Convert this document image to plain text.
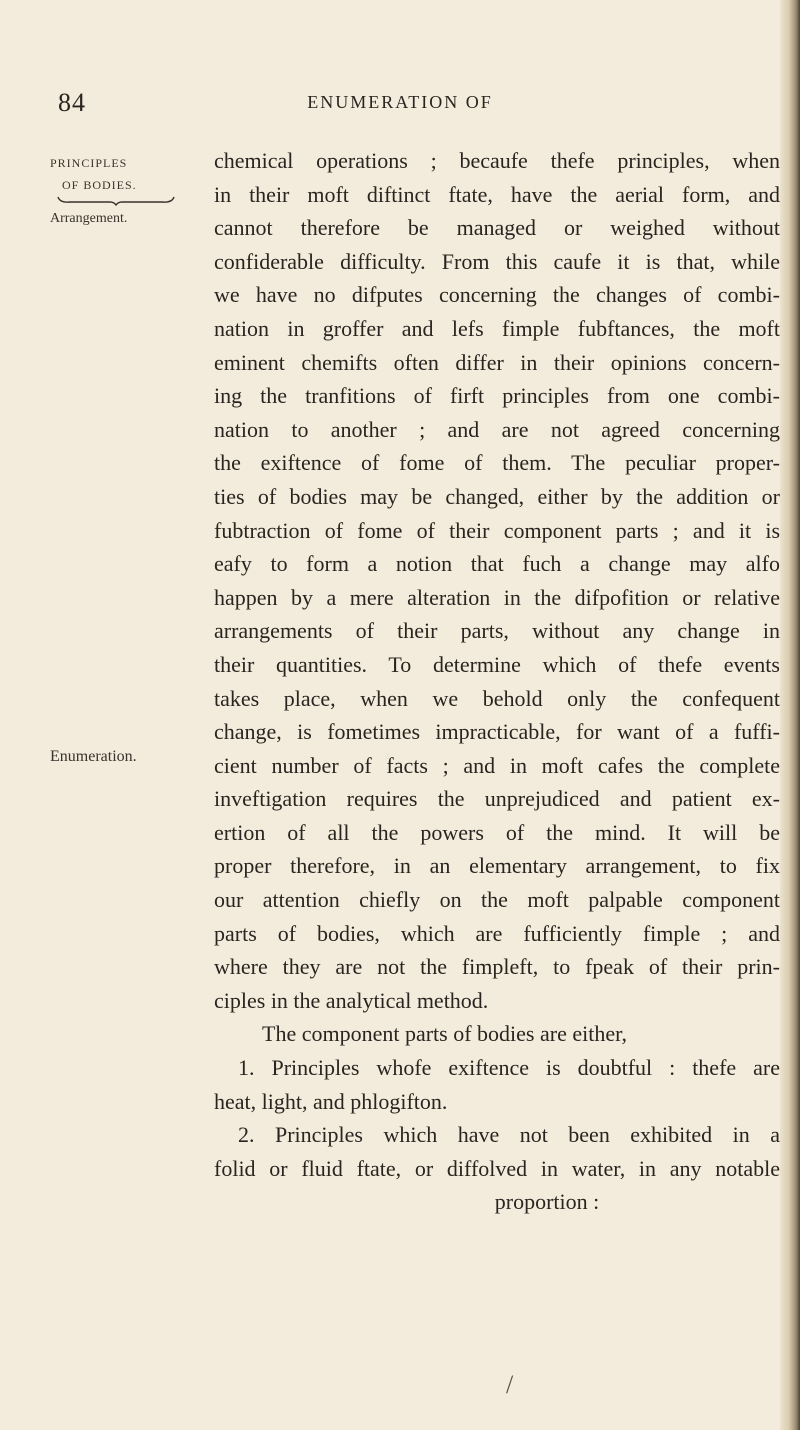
84	ENUMERATION OF
PRINCIPLES
OF BODIES.
Arrangement.
Enumeration.
chemical operations ; becaufe thefe principles, when
in their moft diftinct ftate, have the aerial form, and
cannot therefore be managed or weighed without
confiderable difficulty. From this caufe it is that, while
we have no difputes concerning the changes of combi-
nation in groffer and lefs fimple fubftances, the moft
eminent chemifts often differ in their opinions concern-
ing the tranfitions of firft principles from one combi-
nation to another ; and are not agreed concerning
the exiftence of fome of them. The peculiar proper-
ties of bodies may be changed, either by the addition or
fubtraction of fome of their component parts ; and it is
eafy to form a notion that fuch a change may alfo
happen by a mere alteration in the difpofition or relative
arrangements of their parts, without any change in
their quantities. To determine which of thefe events
takes place, when we behold only the confequent
change, is fometimes impracticable, for want of a fuffi-
cient number of facts ; and in moft cafes the complete
inveftigation requires the unprejudiced and patient ex-
ertion of all the powers of the mind. It will be
proper therefore, in an elementary arrangement, to fix
our attention chiefly on the moft palpable component
parts of bodies, which are fufficiently fimple ; and
where they are not the fimpleft, to fpeak of their prin-
ciples in the analytical method.
The component parts of bodies are either,
1. Principles whofe exiftence is doubtful : thefe are
heat, light, and phlogifton.
2. Principles which have not been exhibited in a
folid or fluid ftate, or diffolved in water, in any notable
proportion :
/
